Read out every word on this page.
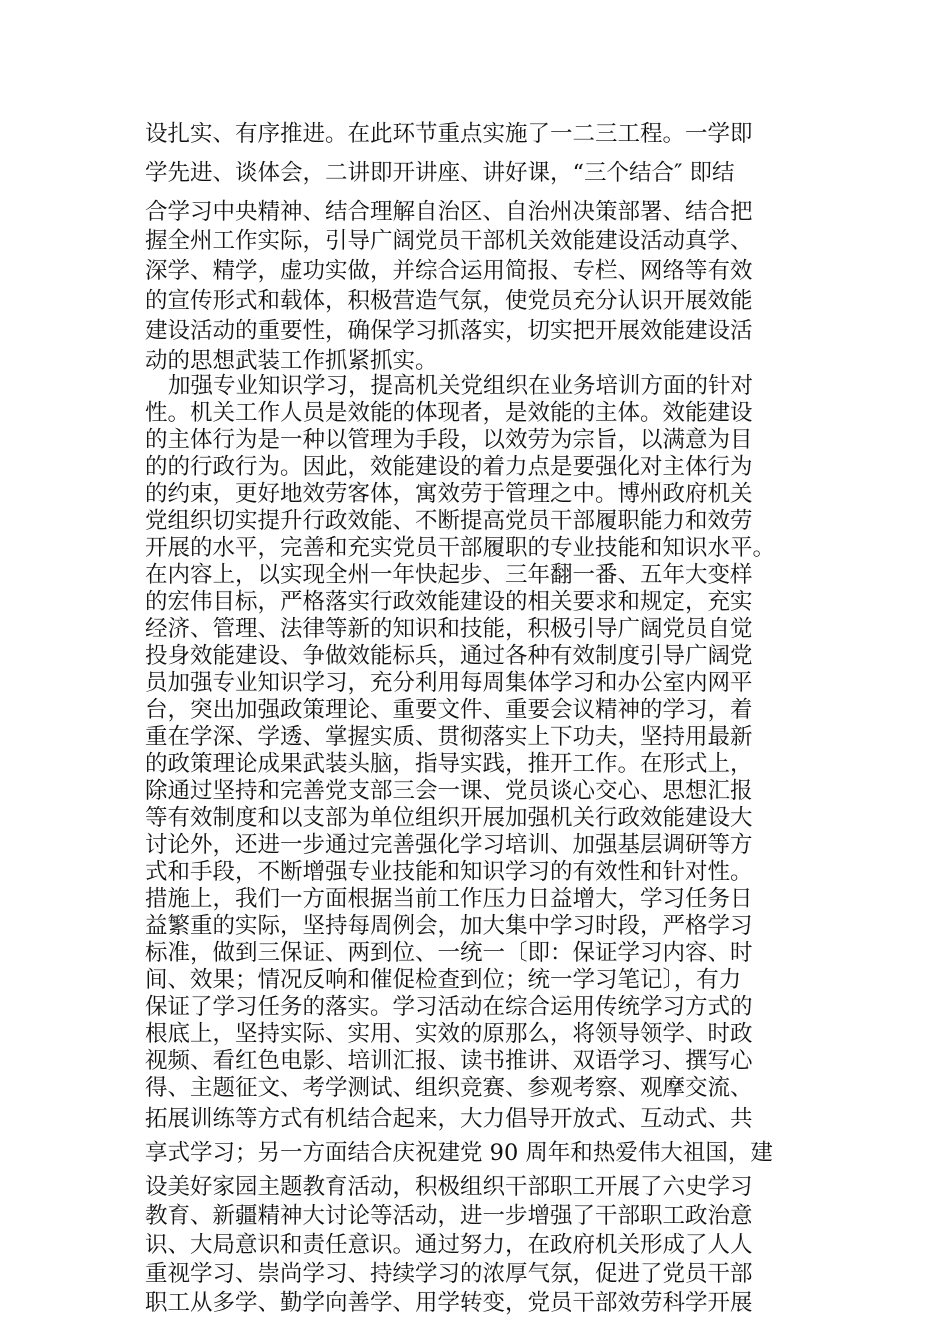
设扎实、有序推进。在此环节重点实施了一二三工程。一学即
学先进、谈体会，二讲即开讲座、讲好课，“三个结合″ 即结
合学习中央精神、结合理解自治区、自治州决策部署、结合把
握全州工作实际，引导广阔党员干部机关效能建设活动真学、
深学、精学，虚功实做，并综合运用简报、专栏、网络等有效
的宣传形式和载体，积极营造气氛，使党员充分认识开展效能
建设活动的重要性，确保学习抓落实，切实把开展效能建设活
动的思想武装工作抓紧抓实。
加强专业知识学习，提高机关党组织在业务培训方面的针对
性。机关工作人员是效能的体现者，是效能的主体。效能建设
的主体行为是一种以管理为手段，以效劳为宗旨，以满意为目
的的行政行为。因此，效能建设的着力点是要强化对主体行为
的约束，更好地效劳客体，寓效劳于管理之中。博州政府机关
党组织切实提升行政效能、不断提高党员干部履职能力和效劳
开展的水平，完善和充实党员干部履职的专业技能和知识水平。
在内容上，以实现全州一年快起步、三年翻一番、五年大变样
的宏伟目标，严格落实行政效能建设的相关要求和规定，充实
经济、管理、法律等新的知识和技能，积极引导广阔党员自觉
投身效能建设、争做效能标兵，通过各种有效制度引导广阔党
员加强专业知识学习，充分利用每周集体学习和办公室内网平
台，突出加强政策理论、重要文件、重要会议精神的学习，着
重在学深、学透、掌握实质、贯彻落实上下功夫，坚持用最新
的政策理论成果武装头脑，指导实践，推开工作。在形式上，
除通过坚持和完善党支部三会一课、党员谈心交心、思想汇报
等有效制度和以支部为单位组织开展加强机关行政效能建设大
讨论外，还进一步通过完善强化学习培训、加强基层调研等方
式和手段，不断增强专业技能和知识学习的有效性和针对性。
措施上，我们一方面根据当前工作压力日益增大，学习任务日
益繁重的实际，坚持每周例会，加大集中学习时段，严格学习
标准，做到三保证、两到位、一统一〔即：保证学习内容、时
间、效果；情况反响和催促检查到位；统一学习笔记〕，有力
保证了学习任务的落实。学习活动在综合运用传统学习方式的
根底上，坚持实际、实用、实效的原那么，将领导领学、时政
视频、看红色电影、培训汇报、读书推讲、双语学习、撰写心
得、主题征文、考学测试、组织竞赛、参观考察、观摩交流、
拓展训练等方式有机结合起来，大力倡导开放式、互动式、共
享式学习；另一方面结合庆祝建党 90 周年和热爱伟大祖国，建
设美好家园主题教育活动，积极组织干部职工开展了六史学习
教育、新疆精神大讨论等活动，进一步增强了干部职工政治意
识、大局意识和责任意识。通过努力，在政府机关形成了人人
重视学习、崇尚学习、持续学习的浓厚气氛，促进了党员干部
职工从多学、勤学向善学、用学转变，党员干部效劳科学开展
